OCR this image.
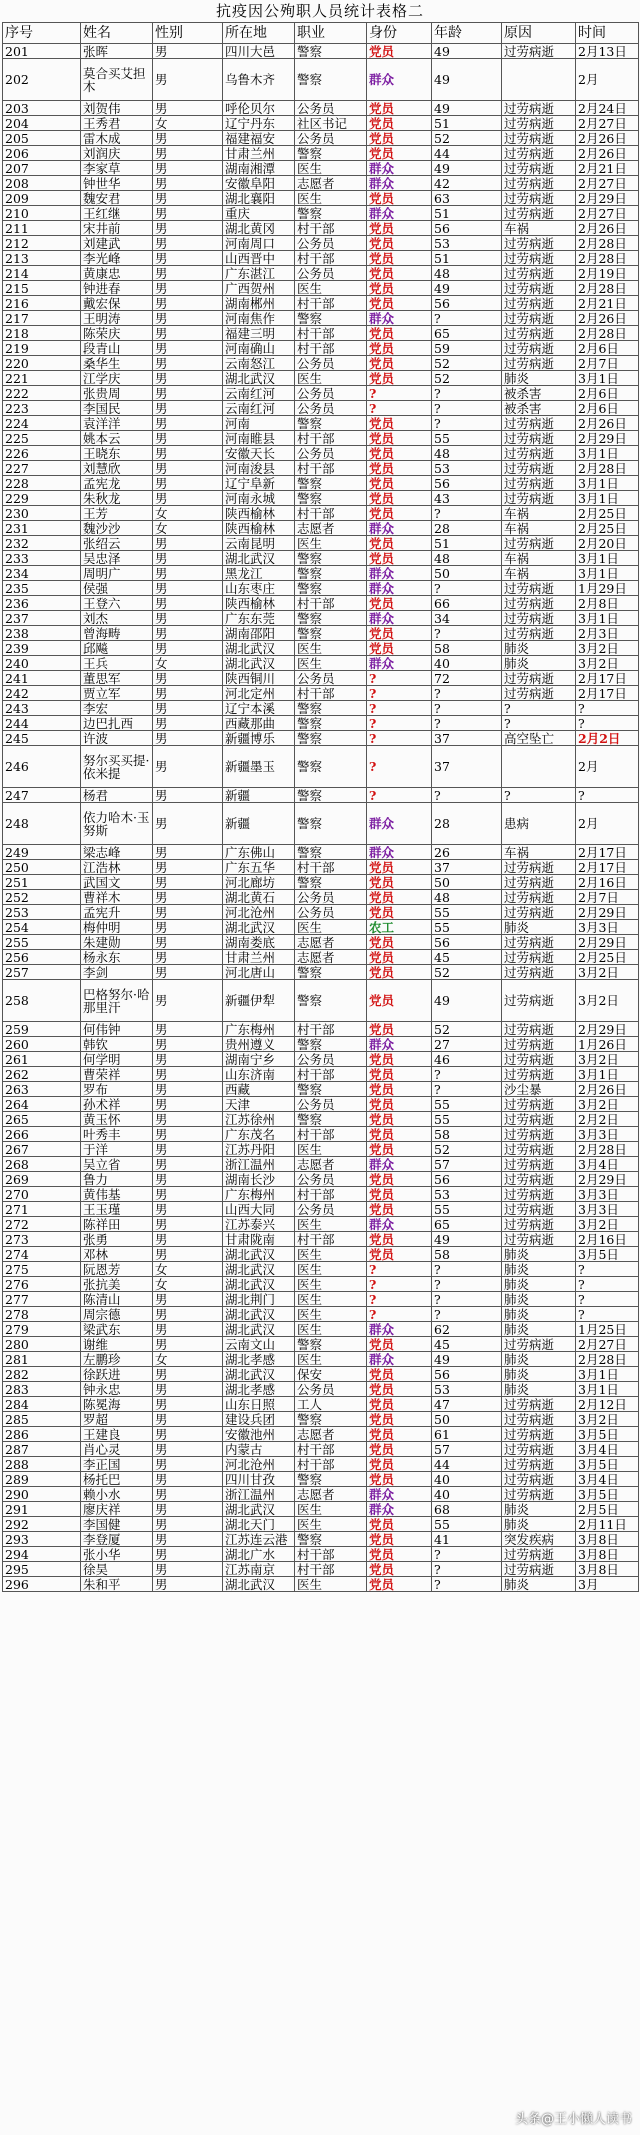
抗疫因公殉职人员统计表格二
序号	姓名	性别	所在地	职业	身份	年龄	原因	时间
201	张晖	男	四川大邑	警察	党员	49	过劳病逝	2月13日
202	莫合买艾担木	男	乌鲁木齐	警察	群众	49		2月
203	刘贺伟	男	呼伦贝尔	公务员	党员	49	过劳病逝	2月24日
204	王秀君	女	辽宁丹东	社区书记	党员	51	过劳病逝	2月27日
205	雷木成	男	福建福安	公务员	党员	52	过劳病逝	2月26日
206	刘润庆	男	甘肃兰州	警察	党员	44	过劳病逝	2月26日
207	李家草	男	湖南湘潭	医生	群众	49	过劳病逝	2月21日
208	钟世华	男	安徽阜阳	志愿者	群众	42	过劳病逝	2月27日
209	魏安君	男	湖北襄阳	医生	党员	63	过劳病逝	2月29日
210	王红继	男	重庆	警察	群众	51	过劳病逝	2月27日
211	宋井前	男	湖北黄冈	村干部	党员	56	车祸	2月26日
212	刘建武	男	河南周口	公务员	党员	53	过劳病逝	2月28日
213	李光峰	男	山西晋中	村干部	党员	51	过劳病逝	2月28日
214	黄康忠	男	广东湛江	公务员	党员	48	过劳病逝	2月19日
215	钟进春	男	广西贺州	医生	党员	49	过劳病逝	2月28日
216	戴宏保	男	湖南郴州	村干部	党员	56	过劳病逝	2月21日
217	王明涛	男	河南焦作	警察	群众	?	过劳病逝	2月26日
218	陈荣庆	男	福建三明	村干部	党员	65	过劳病逝	2月28日
219	段青山	男	河南确山	村干部	党员	59	过劳病逝	2月6日
220	桑华生	男	云南怒江	公务员	党员	52	过劳病逝	2月7日
221	江学庆	男	湖北武汉	医生	党员	52	肺炎	3月1日
222	张贵周	男	云南红河	公务员	?	?	被杀害	2月6日
223	李国民	男	云南红河	公务员	?	?	被杀害	2月6日
224	袁洋洋	男	河南	警察	党员	?	过劳病逝	2月26日
225	姚本云	男	河南睢县	村干部	党员	55	过劳病逝	2月29日
226	王晓东	男	安徽天长	公务员	党员	48	过劳病逝	3月1日
227	刘慧欣	男	河南浚县	村干部	党员	53	过劳病逝	2月28日
228	孟宪龙	男	辽宁阜新	警察	党员	56	过劳病逝	3月1日
229	朱秋龙	男	河南永城	警察	党员	43	过劳病逝	3月1日
230	王芳	女	陕西榆林	村干部	党员	?	车祸	2月25日
231	魏沙沙	女	陕西榆林	志愿者	群众	28	车祸	2月25日
232	张绍云	男	云南昆明	医生	党员	51	过劳病逝	2月20日
233	吴忠泽	男	湖北武汉	警察	党员	48	车祸	3月1日
234	周明广	男	黑龙江	警察	群众	50	车祸	3月1日
235	侯强	男	山东枣庄	警察	群众	?	过劳病逝	1月29日
236	王登六	男	陕西榆林	村干部	党员	66	过劳病逝	2月8日
237	刘杰	男	广东东莞	警察	群众	34	过劳病逝	3月1日
238	曾海畴	男	湖南邵阳	警察	党员	?	过劳病逝	2月3日
239	邱飚	男	湖北武汉	医生	党员	58	肺炎	3月2日
240	王兵	女	湖北武汉	医生	群众	40	肺炎	3月2日
241	董思军	男	陕西铜川	公务员	?	72	过劳病逝	2月17日
242	贾立军	男	河北定州	村干部	?	?	过劳病逝	2月17日
243	李宏	男	辽宁本溪	警察	?	?	?	?
244	边巴扎西	男	西藏那曲	警察	?	?	?	?
245	许波	男	新疆博乐	警察	?	37	高空坠亡	2月2日
246	努尔买买提·依米提	男	新疆墨玉	警察	?	37		2月
247	杨君	男	新疆	警察	?	?	?	?
248	依力哈木·玉努斯	男	新疆	警察	群众	28	患病	2月
249	梁志峰	男	广东佛山	警察	群众	26	车祸	2月17日
250	江浩林	男	广东五华	村干部	党员	37	过劳病逝	2月17日
251	武国文	男	河北廊坊	警察	党员	50	过劳病逝	2月16日
252	曹祥木	男	湖北黄石	公务员	党员	48	过劳病逝	2月7日
253	孟宪升	男	河北沧州	公务员	党员	55	过劳病逝	2月29日
254	梅仲明	男	湖北武汉	医生	农工	55	肺炎	3月3日
255	朱建勋	男	湖南娄底	志愿者	党员	56	过劳病逝	2月29日
256	杨永东	男	甘肃兰州	志愿者	党员	45	过劳病逝	2月25日
257	李剑	男	河北唐山	警察	党员	52	过劳病逝	3月2日
258	巴格努尔·哈那里汗	男	新疆伊犁	警察	党员	49	过劳病逝	3月2日
259	何伟钟	男	广东梅州	村干部	党员	52	过劳病逝	2月29日
260	韩钦	男	贵州遵义	警察	群众	27	过劳病逝	1月26日
261	何学明	男	湖南宁乡	公务员	党员	46	过劳病逝	3月2日
262	曹荣祥	男	山东济南	村干部	党员	?	过劳病逝	3月1日
263	罗布	男	西藏	警察	党员	?	沙尘暴	2月26日
264	孙术祥	男	天津	公务员	党员	55	过劳病逝	3月2日
265	黄玉怀	男	江苏徐州	警察	党员	55	过劳病逝	2月2日
266	叶秀丰	男	广东茂名	村干部	党员	58	过劳病逝	3月3日
267	于洋	男	江苏丹阳	医生	党员	52	过劳病逝	2月28日
268	吴立省	男	浙江温州	志愿者	群众	57	过劳病逝	3月4日
269	鲁力	男	湖南长沙	公务员	党员	56	过劳病逝	2月29日
270	黄伟基	男	广东梅州	村干部	党员	53	过劳病逝	3月3日
271	王玉瑾	男	山西大同	公务员	党员	55	过劳病逝	3月3日
272	陈祥田	男	江苏泰兴	医生	群众	65	过劳病逝	3月2日
273	张勇	男	甘肃陇南	村干部	党员	49	过劳病逝	2月16日
274	邓林	男	湖北武汉	医生	党员	58	肺炎	3月5日
275	阮恩芳	女	湖北武汉	医生	?	?	肺炎	?
276	张抗美	女	湖北武汉	医生	?	?	肺炎	?
277	陈清山	男	湖北荆门	医生	?	?	肺炎	?
278	周宗德	男	湖北武汉	医生	?	?	肺炎	?
279	梁武东	男	湖北武汉	医生	群众	62	肺炎	1月25日
280	谢维	男	云南文山	警察	党员	45	过劳病逝	2月27日
281	左鹏珍	女	湖北孝感	医生	群众	49	肺炎	2月28日
282	徐跃进	男	湖北武汉	保安	党员	56	肺炎	3月1日
283	钟永忠	男	湖北孝感	公务员	党员	53	肺炎	3月1日
284	陈冕海	男	山东日照	工人	党员	47	过劳病逝	2月12日
285	罗超	男	建设兵团	警察	党员	50	过劳病逝	3月2日
286	王建良	男	安徽池州	志愿者	党员	61	过劳病逝	3月5日
287	肖心灵	男	内蒙古	村干部	党员	57	过劳病逝	3月4日
288	李正国	男	河北沧州	村干部	党员	44	过劳病逝	3月5日
289	杨托巴	男	四川甘孜	警察	党员	40	过劳病逝	3月4日
290	赖小水	男	浙江温州	志愿者	群众	40	过劳病逝	3月5日
291	廖庆祥	男	湖北武汉	医生	群众	68	肺炎	2月5日
292	李国健	男	湖北天门	医生	党员	55	肺炎	2月11日
293	李登厦	男	江苏连云港	警察	党员	41	突发疾病	3月8日
294	张小华	男	湖北广水	村干部	党员	?	过劳病逝	3月8日
295	徐昊	男	江苏南京	村干部	党员	?	过劳病逝	3月8日
296	朱和平	男	湖北武汉	医生	党员	?	肺炎	3月
头条@王小懒人读书
